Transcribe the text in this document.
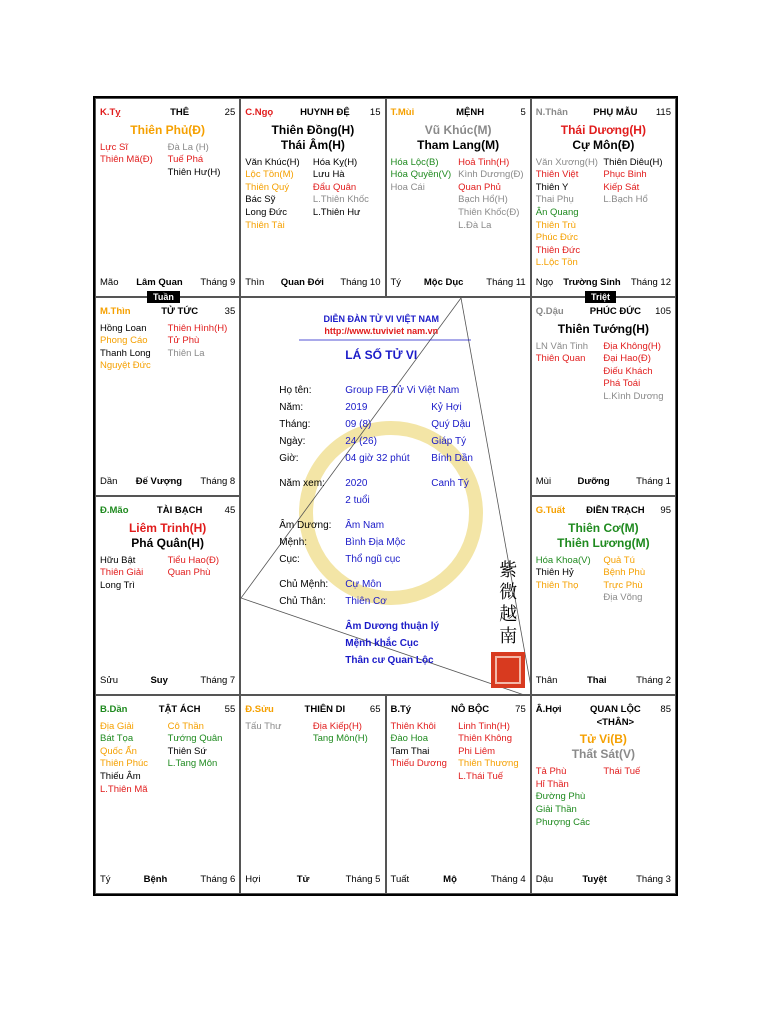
K.Tỵ	THÊ	25
Thiên Phủ(Đ)
Lực Sĩ
Thiên Mã(Đ)
Đà La (H)
Tuế Phá
Thiên Hư(H)
Mão Lâm Quan Tháng 9
C.Ngọ	HUYNH ĐỆ	15
Thiên Đồng(H)
Thái Âm(H)
Văn Khúc(H)
Lộc Tồn(M)
Thiên Quý
Bác Sỹ
Long Đức
Thiên Tài
Hóa Kỵ(H)
Lưu Hà
Đẩu Quân
L.Thiên Khốc
L.Thiên Hư
Thìn Quan Đới Tháng 10
T.Mùi	MỆNH	5
Vũ Khúc(M)
Tham Lang(M)
Hóa Lộc(B)
Hóa Quyền(V)
Hoa Cái
Hoả Tinh(H)
Kình Dương(Đ)
Quan Phủ
Bạch Hổ(H)
Thiên Khốc(Đ)
L.Đà La
Tý Mộc Dục Tháng 11
N.Thân	PHỤ MẪU	115
Thái Dương(H)
Cự Môn(Đ)
Văn Xương(H)
Thiên Việt
Thiên Y
Thai Phụ
Ân Quang
Thiên Trù
Phúc Đức
Thiên Đức
L.Lộc Tồn
Thiên Diêu(H)
Phục Binh
Kiếp Sát
L.Bạch Hổ
Ngọ Trường Sinh Tháng 12
M.Thìn	TỬ TỨC	35
Hồng Loan
Phong Cáo
Thanh Long
Nguyệt Đức
Thiên Hình(H)
Tử Phù
Thiên La
Dần Đế Vượng Tháng 8
DIỄN ĐÀN TỬ VI VIỆT NAM
http://www.tuviviet nam.vn
LÁ SỐ TỬ VI
Họ tên:	Group FB Tử Vi Việt Nam
Năm:	2019	Kỷ Hợi
Tháng:	09 (8)	Quý Dậu
Ngày:	24 (26)	Giáp Tý
Giờ:	04 giờ 32 phút	Bính Dần
Năm xem:	2020	Canh Tý
2 tuổi
Âm Dương:	Âm Nam
Mệnh:	Bình Địa Mộc
Cục:	Thổ ngũ cục
Chủ Mệnh:	Cự Môn
Chủ Thân:	Thiên Cơ
Âm Dương thuận lý
Mệnh khắc Cục
Thân cư Quan Lộc
紫微越南
Q.Dậu	PHÚC ĐỨC	105
Thiên Tướng(H)
LN Văn Tinh
Thiên Quan
Địa Không(H)
Đại Hao(Đ)
Điếu Khách
Phá Toái
L.Kình Dương
Mùi	Dưỡng	Tháng 1
Đ.Mão	TÀI BẠCH	45
Liêm Trinh(H)
Phá Quân(H)
Hữu Bật
Thiên Giải
Long Trì
Tiểu Hao(Đ)
Quan Phù
Sửu	Suy	Tháng 7
G.Tuất	ĐIỀN TRẠCH	95
Thiên Cơ(M)
Thiên Lương(M)
Hóa Khoa(V)
Thiên Hỷ
Thiên Thọ
Quả Tú
Bệnh Phù
Trực Phù
Địa Võng
Thân	Thai	Tháng 2
B.Dần	TẬT ÁCH	55
Địa Giải
Bát Tọa
Quốc Ấn
Thiên Phúc
Thiếu Âm
L.Thiên Mã
Cô Thần
Tướng Quân
Thiên Sứ
L.Tang Môn
Tý	Bệnh	Tháng 6
Đ.Sửu	THIÊN DI	65
Tấu Thư	Địa Kiếp(H)
Tang Môn(H)
Hợi	Tử	Tháng 5
B.Tý	NÔ BỘC	75
Thiên Khôi
Đào Hoa
Tam Thai
Thiếu Dương
Linh Tinh(H)
Thiên Không
Phi Liêm
Thiên Thương
L.Thái Tuế
Tuất	Mộ	Tháng 4
Â.Hợi	QUAN LỘC <THÂN>
85
Tử Vi(B)
Thất Sát(V)
Tả Phù
Hỉ Thần
Đường Phù
Giải Thần
Phượng Các
Thái Tuế
Dậu	Tuyệt	Tháng 3
Tuần	Triệt
